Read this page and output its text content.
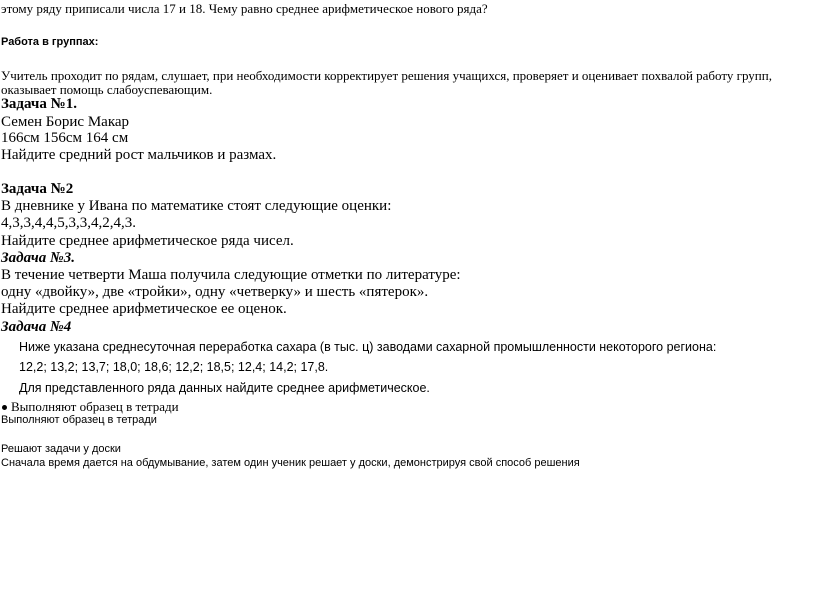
этому ряду приписали числа 17 и 18. Чему равно среднее арифметическое нового ряда?
Работа в группах:
Учитель проходит по рядам, слушает, при необходимости корректирует решения учащихся, проверяет и оценивает похвалой работу групп,
оказывает помощь слабоуспевающим.
Задача №1.
Семен Борис Макар
166см 156см 164 см
Найдите средний рост мальчиков и размах.
Задача №2
В дневнике у Ивана по математике стоят следующие оценки:
4,3,3,4,4,5,3,3,4,2,4,3.
Найдите среднее арифметическое ряда чисел.
Задача №3.
В течение четверти Маша получила следующие отметки по литературе:
одну «двойку», две «тройки», одну «четверку» и шесть «пятерок».
Найдите среднее арифметическое ее оценок.
Задача №4
Ниже указана среднесуточная переработка сахара (в тыс. ц) заводами сахарной промышленности некоторого региона:
12,2; 13,2; 13,7; 18,0; 18,6; 12,2; 18,5; 12,4; 14,2; 17,8.
Для представленного ряда данных найдите среднее арифметическое.
Выполняют образец в тетради
Выполняют образец в тетради
Решают задачи у доски
Сначала время дается на обдумывание, затем один ученик решает у доски, демонстрируя свой способ решения
